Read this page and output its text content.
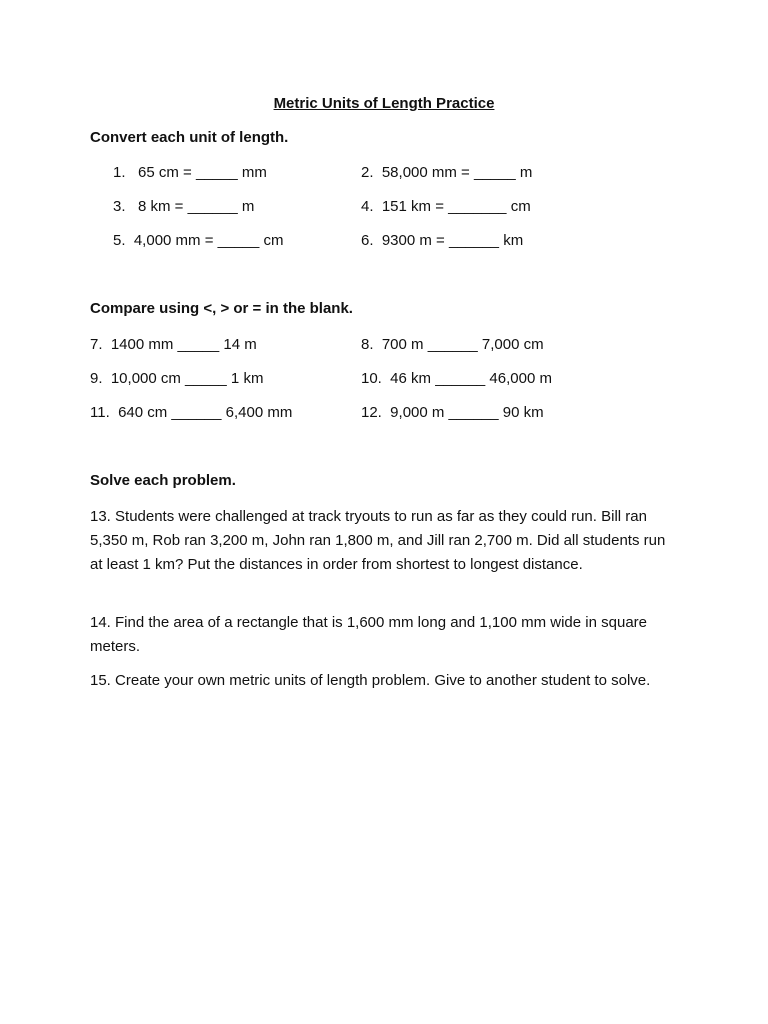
Metric Units of Length Practice
Convert each unit of length.
1.   65 cm = _____ mm	2.  58,000 mm = _____ m
3.   8 km = ______ m	4.  151 km = _______ cm
5.  4,000 mm = _____ cm	6.  9300 m = ______ km
Compare using <, > or = in the blank.
7.  1400 mm _____ 14 m	8.  700 m ______ 7,000 cm
9.  10,000 cm _____ 1 km	10.  46 km ______ 46,000 m
11.  640 cm ______ 6,400 mm	12.  9,000 m ______ 90 km
Solve each problem.
13. Students were challenged at track tryouts to run as far as they could run. Bill ran 5,350 m, Rob ran 3,200 m, John ran 1,800 m, and Jill ran 2,700 m. Did all students run at least 1 km? Put the distances in order from shortest to longest distance.
14. Find the area of a rectangle that is 1,600 mm long and 1,100 mm wide in square meters.
15. Create your own metric units of length problem. Give to another student to solve.
